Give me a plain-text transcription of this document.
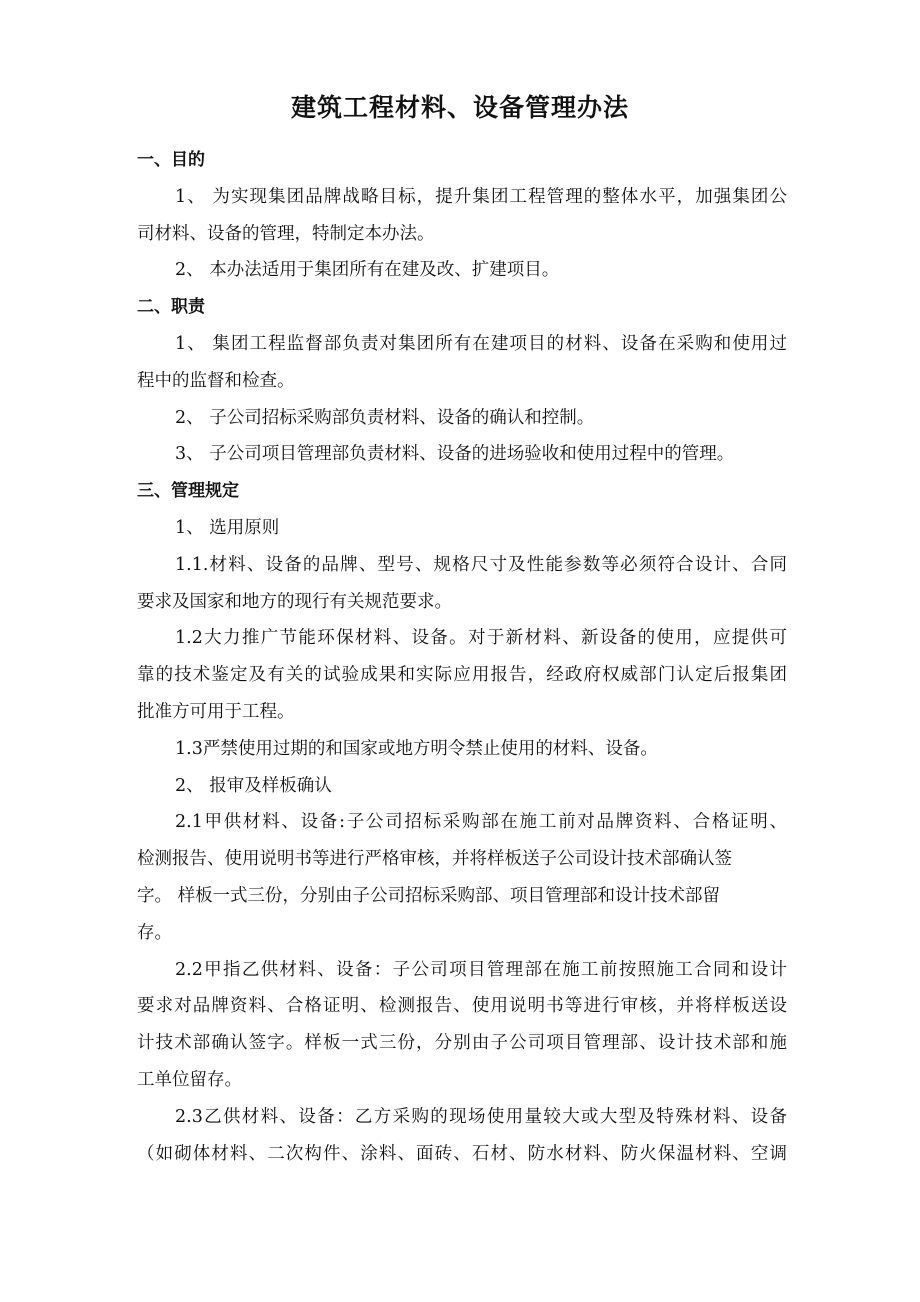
建筑工程材料、设备管理办法
一、目的
1、 为实现集团品牌战略目标，提升集团工程管理的整体水平，加强集团公
司材料、设备的管理，特制定本办法。
2、 本办法适用于集团所有在建及改、扩建项目。
二、职责
1、 集团工程监督部负责对集团所有在建项目的材料、设备在采购和使用过
程中的监督和检查。
2、 子公司招标采购部负责材料、设备的确认和控制。
3、 子公司项目管理部负责材料、设备的进场验收和使用过程中的管理。
三、管理规定
1、 选用原则
1.1.材料、设备的品牌、型号、规格尺寸及性能参数等必须符合设计、合同
要求及国家和地方的现行有关规范要求。
1.2大力推广节能环保材料、设备。对于新材料、新设备的使用，应提供可
靠的技术鉴定及有关的试验成果和实际应用报告，经政府权威部门认定后报集团
批准方可用于工程。
1.3严禁使用过期的和国家或地方明令禁止使用的材料、设备。
2、 报审及样板确认
2.1甲供材料、设备:子公司招标采购部在施工前对品牌资料、合格证明、
检测报告、使用说明书等进行严格审核，并将样板送子公司设计技术部确认签
字。 样板一式三份，分别由子公司招标采购部、项目管理部和设计技术部留
存。
2.2甲指乙供材料、设备：子公司项目管理部在施工前按照施工合同和设计
要求对品牌资料、合格证明、检测报告、使用说明书等进行审核，并将样板送设
计技术部确认签字。样板一式三份，分别由子公司项目管理部、设计技术部和施
工单位留存。
2.3乙供材料、设备：乙方采购的现场使用量较大或大型及特殊材料、设备
（如砌体材料、二次构件、涂料、面砖、石材、防水材料、防火保温材料、空调
